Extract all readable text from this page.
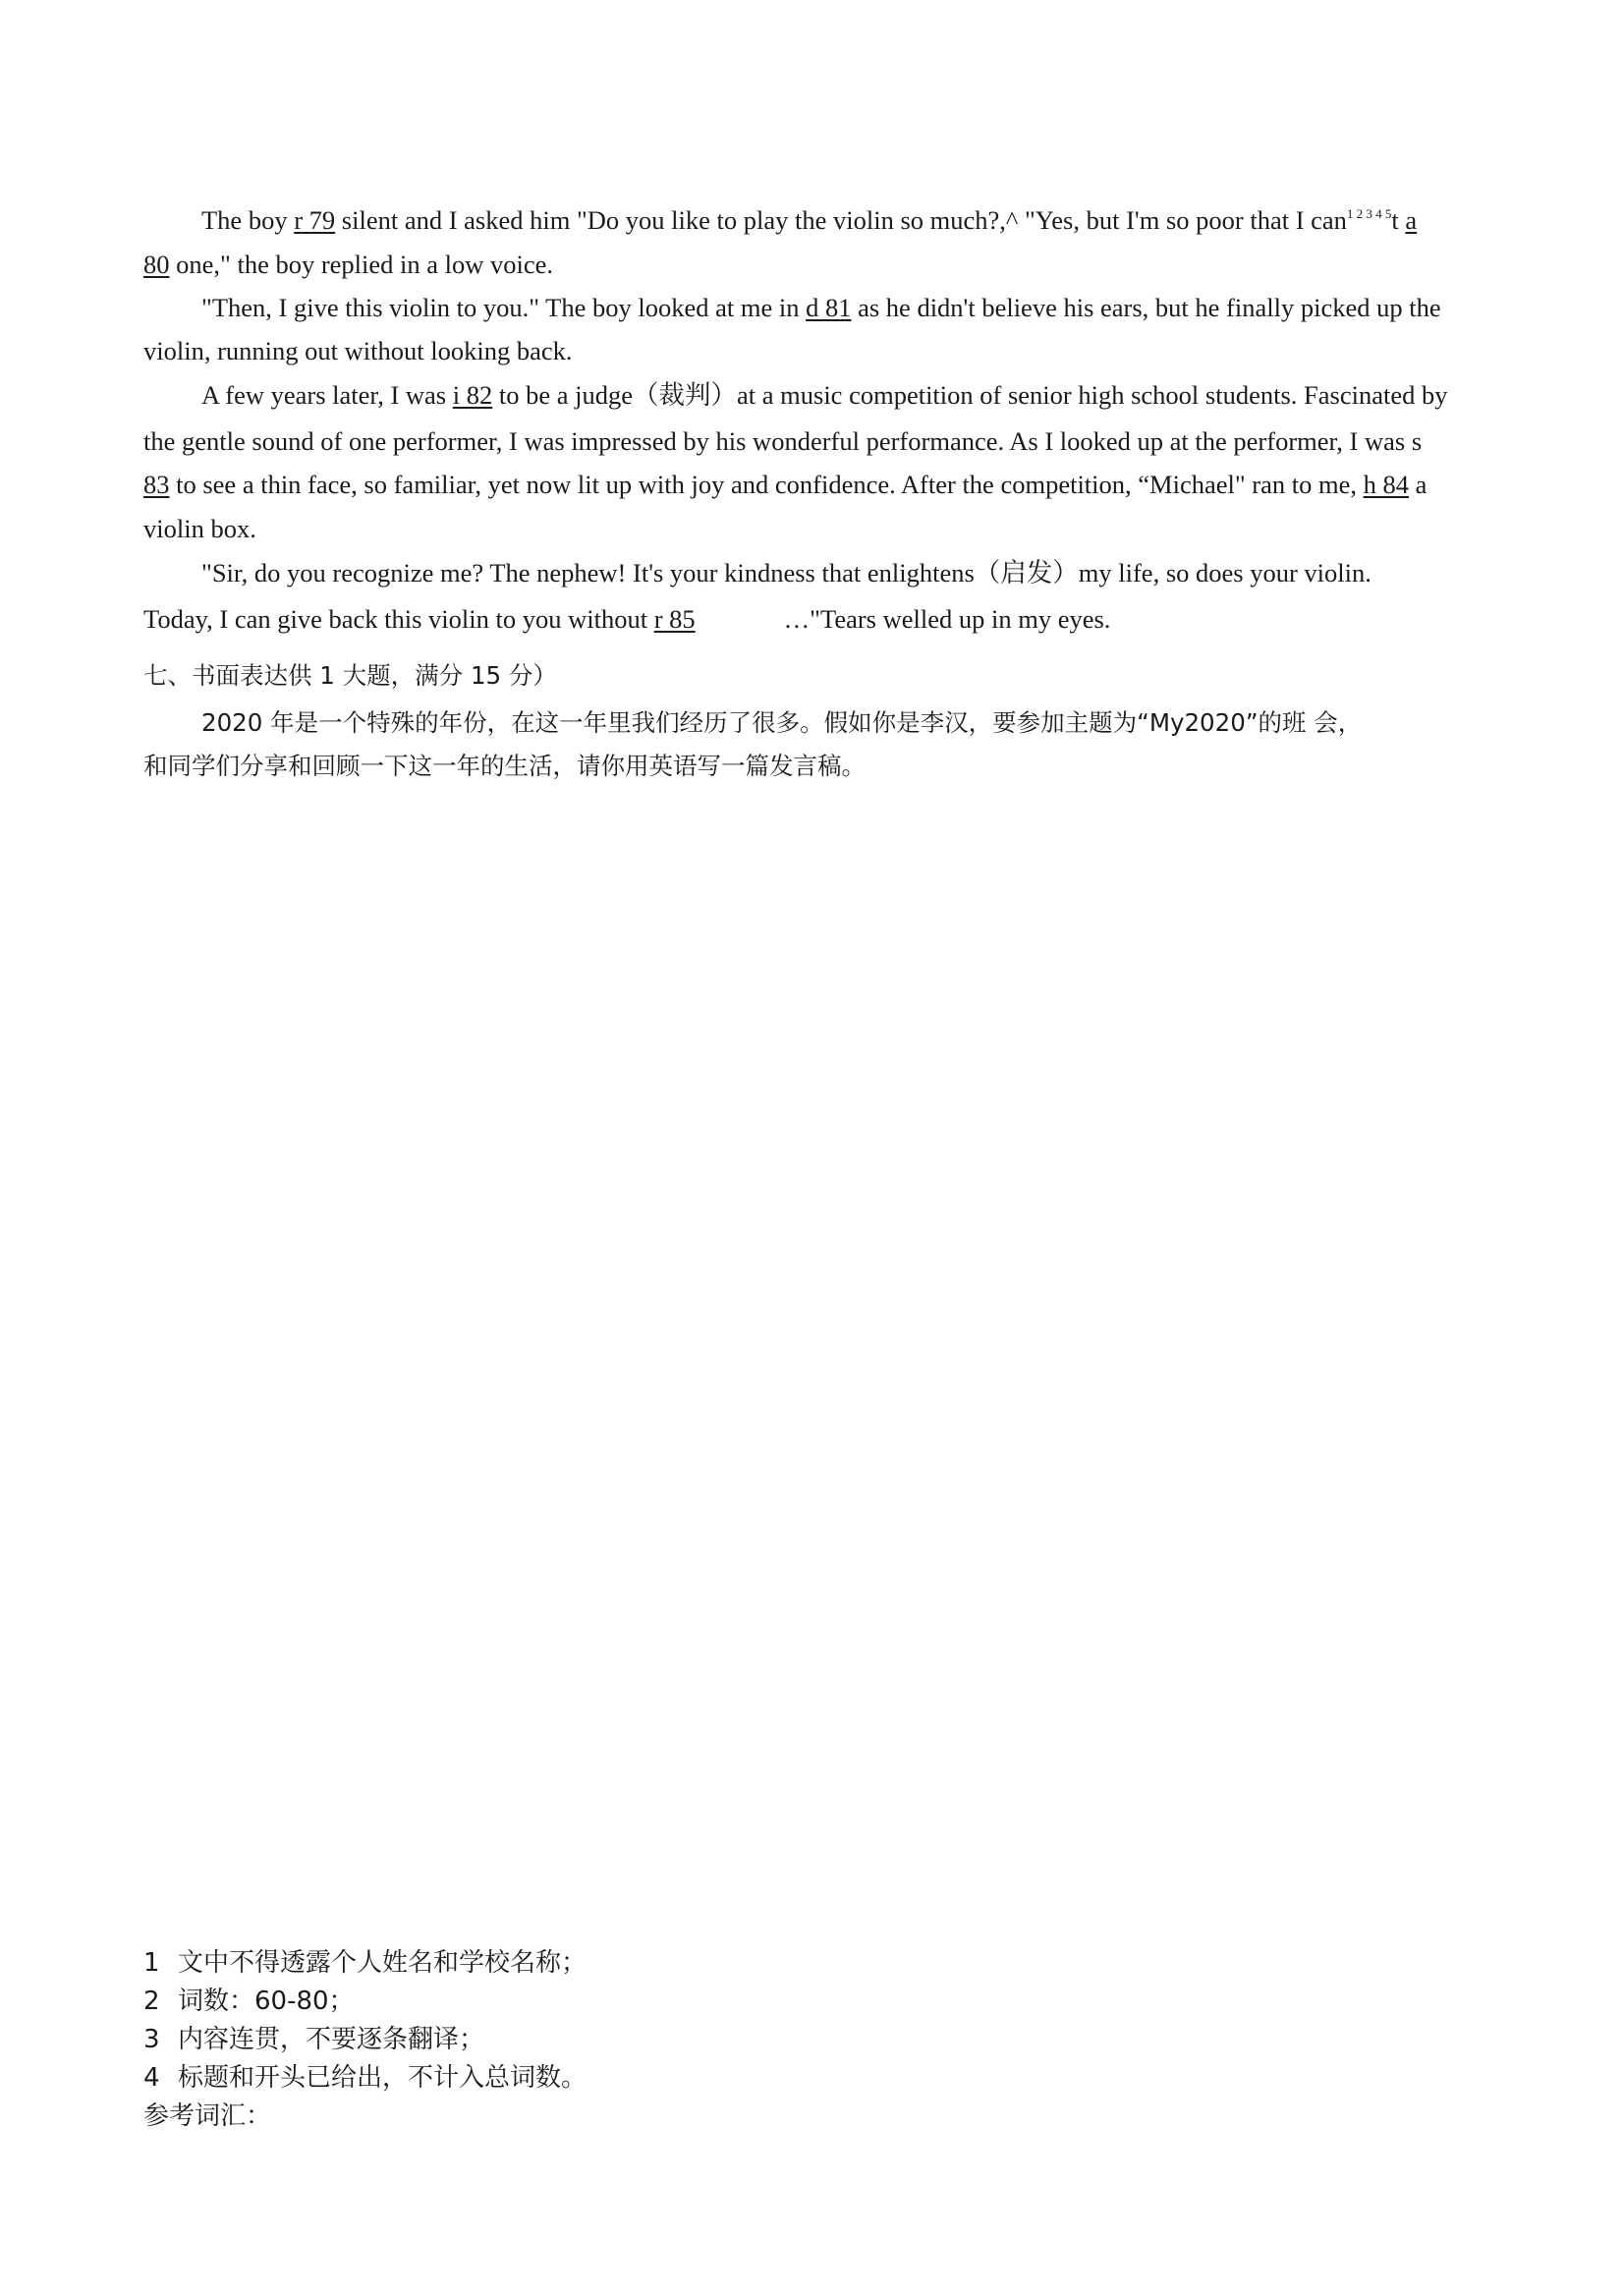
The boy r 79 silent and I asked him "Do you like to play the violin so much?,^ "Yes, but I'm so poor that I can$^{1 2 3 4 5}$t a
80 one," the boy replied in a low voice.
"Then, I give this violin to you." The boy looked at me in d 81 as he didn't believe his ears, but he finally picked up the
violin, running out without looking back.
A few years later, I was i 82 to be a judge（裁判）at a music competition of senior high school students. Fascinated by
the gentle sound of one performer, I was impressed by his wonderful performance. As I looked up at the performer, I was s
83 to see a thin face, so familiar, yet now lit up with joy and confidence. After the competition, “Michael" ran to me, h 84 a
violin box.
"Sir, do you recognize me? The nephew! It's your kindness that enlightens（启发）my life, so does your violin.
Today, I can give back this violin to you without r 85	…"Tears welled up in my eyes.
七、书面表达供 1 大题，满分 15 分）
2020 年是一个特殊的年份，在这一年里我们经历了很多。假如你是李汉，要参加主题为“My2020”的班 会，
和同学们分享和回顾一下这一年的生活，请你用英语写一篇发言稿。
1 文中不得透露个人姓名和学校名称；
2 词数：60-80；
3 内容连贯，不要逐条翻译；
4 标题和开头已给出，不计入总词数。
参考词汇：
